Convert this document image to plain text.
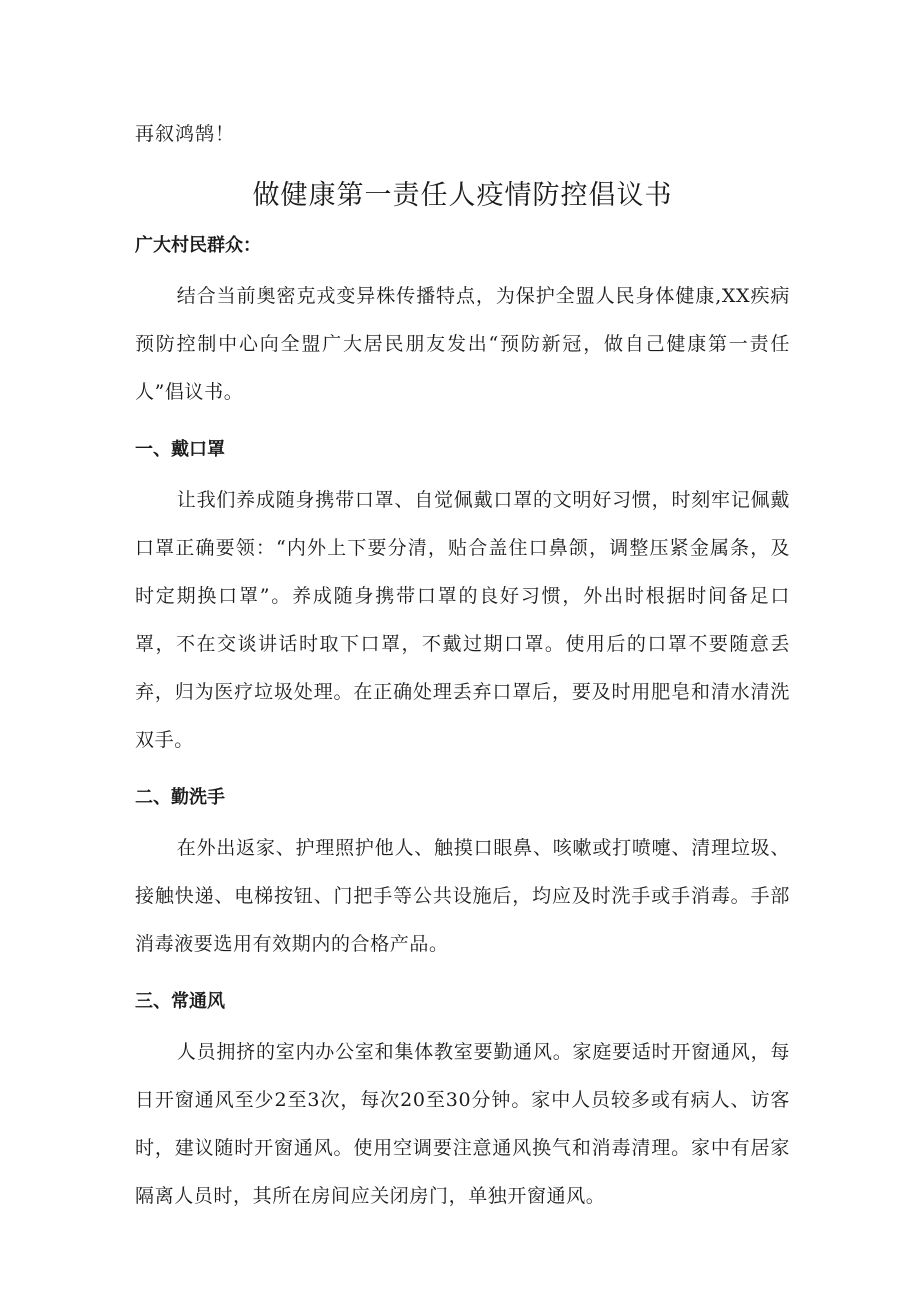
再叙鸿鹄！

做健康第一责任人疫情防控倡议书

广大村民群众：

结合当前奥密克戎变异株传播特点，为保护全盟人民身体健康,XX疾病预防控制中心向全盟广大居民朋友发出“预防新冠，做自己健康第一责任人”倡议书。

一、戴口罩

让我们养成随身携带口罩、自觉佩戴口罩的文明好习惯，时刻牢记佩戴口罩正确要领：“内外上下要分清，贴合盖住口鼻颌，调整压紧金属条，及时定期换口罩”。养成随身携带口罩的良好习惯，外出时根据时间备足口罩，不在交谈讲话时取下口罩，不戴过期口罩。使用后的口罩不要随意丢弃，归为医疗垃圾处理。在正确处理丢弃口罩后，要及时用肥皂和清水清洗双手。

二、勤洗手

在外出返家、护理照护他人、触摸口眼鼻、咳嗽或打喷嚏、清理垃圾、接触快递、电梯按钮、门把手等公共设施后，均应及时洗手或手消毒。手部消毒液要选用有效期内的合格产品。

三、常通风

人员拥挤的室内办公室和集体教室要勤通风。家庭要适时开窗通风，每日开窗通风至少2至3次，每次20至30分钟。家中人员较多或有病人、访客时，建议随时开窗通风。使用空调要注意通风换气和消毒清理。家中有居家隔离人员时，其所在房间应关闭房门，单独开窗通风。
